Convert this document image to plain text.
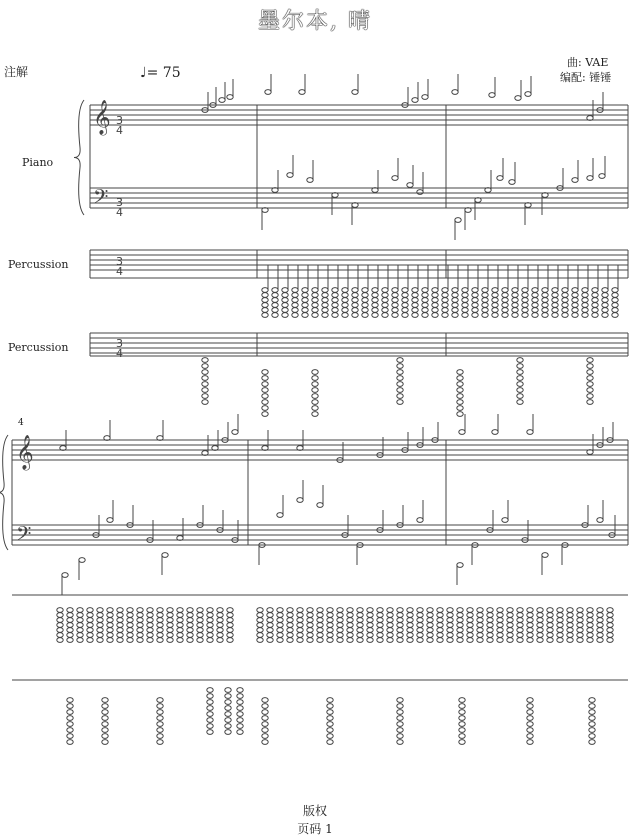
墨尔本, 晴
注解	♩= 75
曲: VAE
编配: 锤锤
Piano
Percussion
Percussion
4
𝄞
𝄢
𝄞
𝄢
3
4
3
4
3
4
3
4
版权
页码 1
